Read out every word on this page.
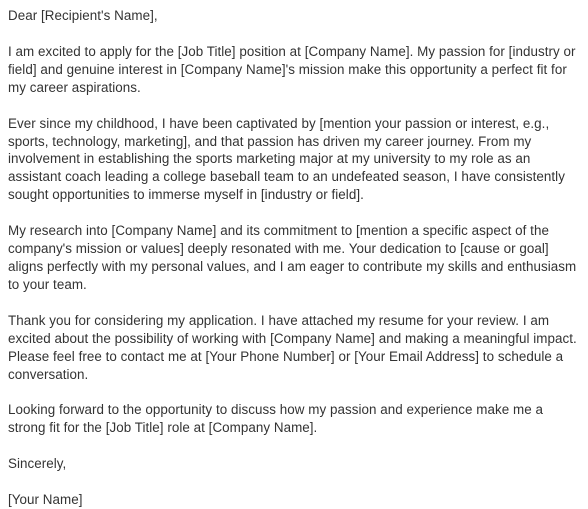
Dear [Recipient's Name],

I am excited to apply for the [Job Title] position at [Company Name]. My passion for [industry or field] and genuine interest in [Company Name]'s mission make this opportunity a perfect fit for my career aspirations.

Ever since my childhood, I have been captivated by [mention your passion or interest, e.g., sports, technology, marketing], and that passion has driven my career journey. From my involvement in establishing the sports marketing major at my university to my role as an assistant coach leading a college baseball team to an undefeated season, I have consistently sought opportunities to immerse myself in [industry or field].

My research into [Company Name] and its commitment to [mention a specific aspect of the company's mission or values] deeply resonated with me. Your dedication to [cause or goal] aligns perfectly with my personal values, and I am eager to contribute my skills and enthusiasm to your team.

Thank you for considering my application. I have attached my resume for your review. I am excited about the possibility of working with [Company Name] and making a meaningful impact. Please feel free to contact me at [Your Phone Number] or [Your Email Address] to schedule a conversation.

Looking forward to the opportunity to discuss how my passion and experience make me a strong fit for the [Job Title] role at [Company Name].

Sincerely,

[Your Name]
